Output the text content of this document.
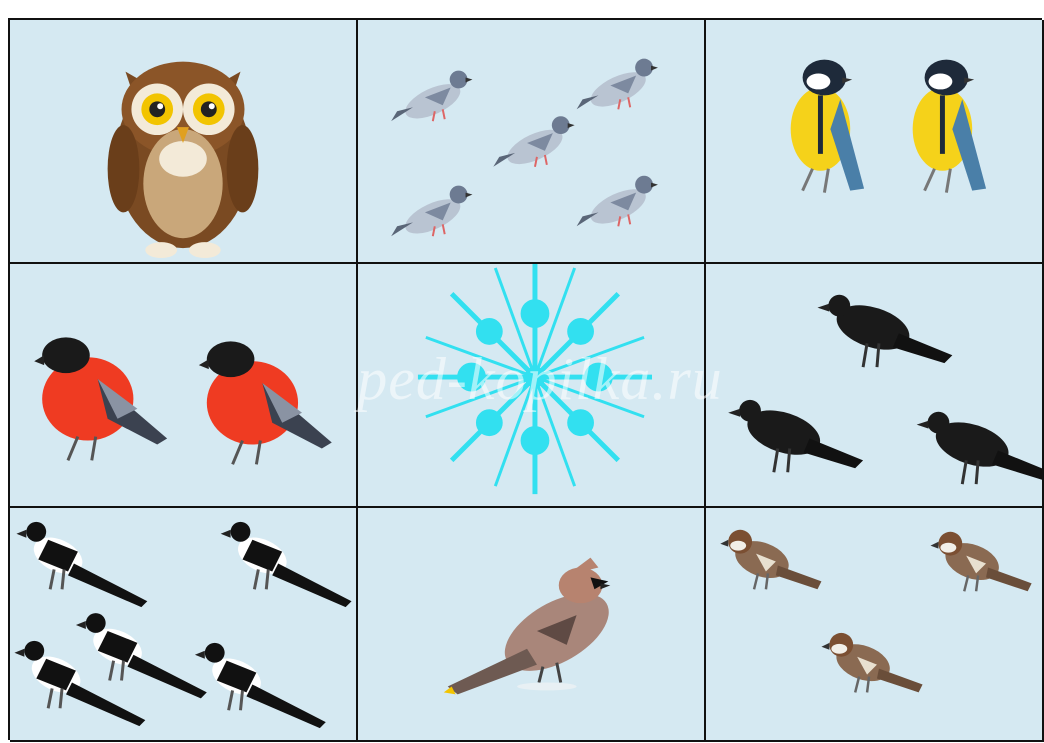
ped-kopilka.ru
